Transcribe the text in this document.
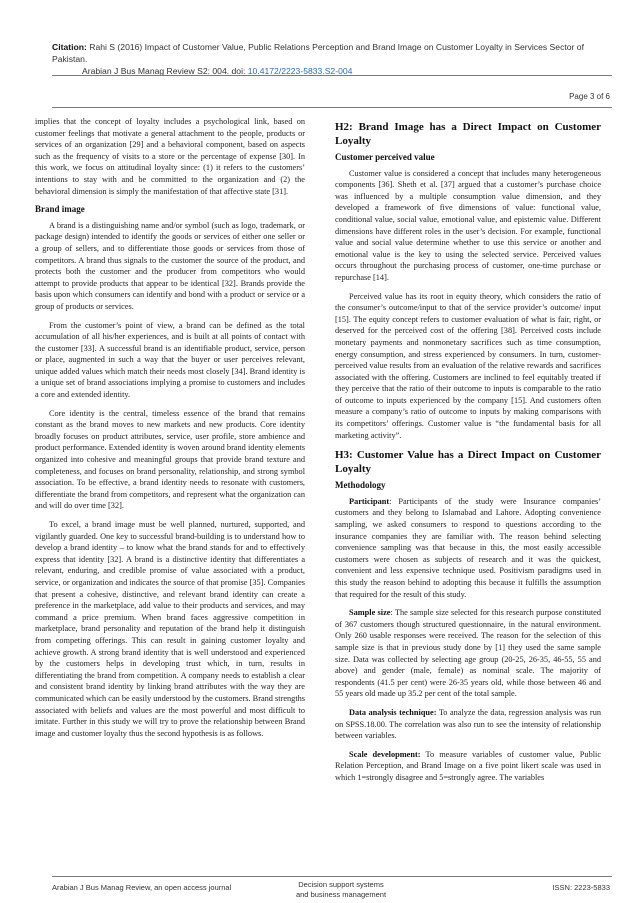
Citation: Rahi S (2016) Impact of Customer Value, Public Relations Perception and Brand Image on Customer Loyalty in Services Sector of Pakistan.
Arabian J Bus Manag Review S2: 004. doi: 10.4172/2223-5833.S2-004
Page 3 of 6

implies that the concept of loyalty includes a psychological link, based on customer feelings that motivate a general attachment to the people, products or services of an organization [29] and a behavioral component, based on aspects such as the frequency of visits to a store or the percentage of expense [30]. In this work, we focus on attitudinal loyalty since: (1) it refers to the customers’ intentions to stay with and be committed to the organization and (2) the behavioral dimension is simply the manifestation of that affective state [31].

Brand image

A brand is a distinguishing name and/or symbol (such as logo, trademark, or package design) intended to identify the goods or services of either one seller or a group of sellers, and to differentiate those goods or services from those of competitors. A brand thus signals to the customer the source of the product, and protects both the customer and the producer from competitors who would attempt to provide products that appear to be identical [32]. Brands provide the basis upon which consumers can identify and bond with a product or service or a group of products or services.

From the customer’s point of view, a brand can be defined as the total accumulation of all his/her experiences, and is built at all points of contact with the customer [33]. A successful brand is an identifiable product, service, person or place, augmented in such a way that the buyer or user perceives relevant, unique added values which match their needs most closely [34]. Brand identity is a unique set of brand associations implying a promise to customers and includes a core and extended identity.

Core identity is the central, timeless essence of the brand that remains constant as the brand moves to new markets and new products. Core identity broadly focuses on product attributes, service, user profile, store ambience and product performance. Extended identity is woven around brand identity elements organized into cohesive and meaningful groups that provide brand texture and completeness, and focuses on brand personality, relationship, and strong symbol association. To be effective, a brand identity needs to resonate with customers, differentiate the brand from competitors, and represent what the organization can and will do over time [32].

To excel, a brand image must be well planned, nurtured, supported, and vigilantly guarded. One key to successful brand-building is to understand how to develop a brand identity – to know what the brand stands for and to effectively express that identity [32]. A brand is a distinctive identity that differentiates a relevant, enduring, and credible promise of value associated with a product, service, or organization and indicates the source of that promise [35]. Companies that present a cohesive, distinctive, and relevant brand identity can create a preference in the marketplace, add value to their products and services, and may command a price premium. When brand faces aggressive competition in marketplace, brand personality and reputation of the brand help it distinguish from competing offerings. This can result in gaining customer loyalty and achieve growth. A strong brand identity that is well understood and experienced by the customers helps in developing trust which, in turn, results in differentiating the brand from competition. A company needs to establish a clear and consistent brand identity by linking brand attributes with the way they are communicated which can be easily understood by the customers. Brand strengths associated with beliefs and values are the most powerful and most difficult to imitate. Further in this study we will try to prove the relationship between Brand image and customer loyalty thus the second hypothesis is as follows.

H2: Brand Image has a Direct Impact on Customer Loyalty
Customer perceived value

Customer value is considered a concept that includes many heterogeneous components [36]. Sheth et al. [37] argued that a customer’s purchase choice was influenced by a multiple consumption value dimension, and they developed a framework of five dimensions of value: functional value, conditional value, social value, emotional value, and epistemic value. Different dimensions have different roles in the user’s decision. For example, functional value and social value determine whether to use this service or another and emotional value is the key to using the selected service. Perceived values occurs throughout the purchasing process of customer, one-time purchase or repurchase [14].

Perceived value has its root in equity theory, which considers the ratio of the consumer’s outcome/input to that of the service provider’s outcome/ input [15]. The equity concept refers to customer evaluation of what is fair, right, or deserved for the perceived cost of the offering [38]. Perceived costs include monetary payments and nonmonetary sacrifices such as time consumption, energy consumption, and stress experienced by consumers. In turn, customer- perceived value results from an evaluation of the relative rewards and sacrifices associated with the offering. Customers are inclined to feel equitably treated if they perceive that the ratio of their outcome to inputs is comparable to the ratio of outcome to inputs experienced by the company [15]. And customers often measure a company’s ratio of outcome to inputs by making comparisons with its competitors’ offerings. Customer value is “the fundamental basis for all marketing activity”.

H3: Customer Value has a Direct Impact on Customer Loyalty
Methodology

Participant: Participants of the study were Insurance companies’ customers and they belong to Islamabad and Lahore. Adopting convenience sampling, we asked consumers to respond to questions according to the insurance companies they are familiar with. The reason behind selecting convenience sampling was that because in this, the most easily accessible customers were chosen as subjects of research and it was the quickest, convenient and less expensive technique used. Positivism paradigms used in this study the reason behind to adopting this because it fulfills the assumption that required for the result of this study.

Sample size: The sample size selected for this research purpose constituted of 367 customers though structured questionnaire, in the natural environment. Only 260 usable responses were received. The reason for the selection of this sample size is that in previous study done by [1] they used the same sample size. Data was collected by selecting age group (20-25, 26-35, 46-55, 55 and above) and gender (male, female) as nominal scale. The majority of respondents (41.5 per cent) were 26-35 years old, while those between 46 and 55 years old made up 35.2 per cent of the total sample.

Data analysis technique: To analyze the data, regression analysis was run on SPSS.18.00. The correlation was also run to see the intensity of relationship between variables.

Scale development: To measure variables of customer value, Public Relation Perception, and Brand Image on a five point likert scale was used in which 1=strongly disagree and 5=strongly agree. The variables

Arabian J Bus Manag Review, an open access journal	Decision support systems
and business management
ISSN: 2223-5833
